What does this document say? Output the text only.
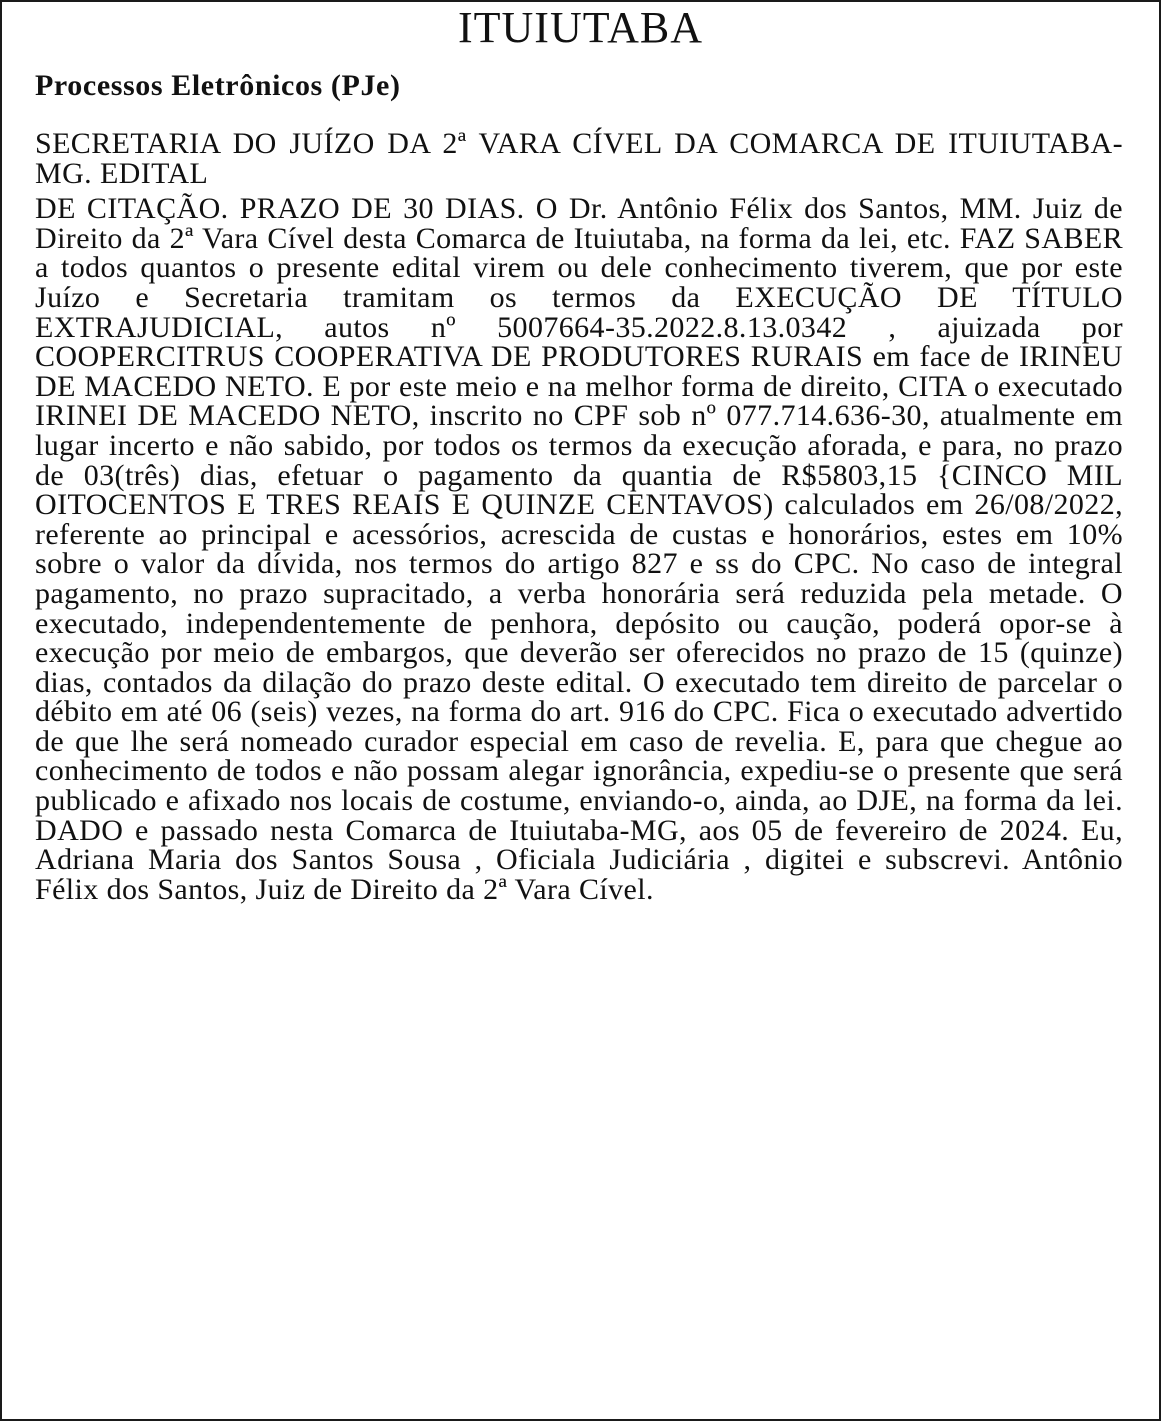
ITUIUTABA
Processos Eletrônicos (PJe)

SECRETARIA DO JUÍZO DA 2ª VARA CÍVEL DA COMARCA DE ITUIUTABA-MG. EDITAL

DE CITAÇÃO. PRAZO DE 30 DIAS. O Dr. Antônio Félix dos Santos, MM. Juiz de Direito da 2ª Vara Cível desta Comarca de Ituiutaba, na forma da lei, etc. FAZ SABER a todos quantos o presente edital virem ou dele conhecimento tiverem, que por este Juízo e Secretaria tramitam os termos da EXECUÇÃO DE TÍTULO EXTRAJUDICIAL, autos nº 5007664-35.2022.8.13.0342 , ajuizada por COOPERCITRUS COOPERATIVA DE PRODUTORES RURAIS em face de IRINEU DE MACEDO NETO. E por este meio e na melhor forma de direito, CITA o executado IRINEI DE MACEDO NETO, inscrito no CPF sob nº 077.714.636-30, atualmente em lugar incerto e não sabido, por todos os termos da execução aforada, e para, no prazo de 03(três) dias, efetuar o pagamento da quantia de R$5803,15 {CINCO MIL OITOCENTOS E TRES REAIS E QUINZE CENTAVOS) calculados em 26/08/2022, referente ao principal e acessórios, acrescida de custas e honorários, estes em 10% sobre o valor da dívida, nos termos do artigo 827 e ss do CPC. No caso de integral pagamento, no prazo supracitado, a verba honorária será reduzida pela metade. O executado, independentemente de penhora, depósito ou caução, poderá opor-se à execução por meio de embargos, que deverão ser oferecidos no prazo de 15 (quinze) dias, contados da dilação do prazo deste edital. O executado tem direito de parcelar o débito em até 06 (seis) vezes, na forma do art. 916 do CPC. Fica o executado advertido de que lhe será nomeado curador especial em caso de revelia. E, para que chegue ao conhecimento de todos e não possam alegar ignorância, expediu-se o presente que será publicado e afixado nos locais de costume, enviando-o, ainda, ao DJE, na forma da lei. DADO e passado nesta Comarca de Ituiutaba-MG, aos 05 de fevereiro de 2024. Eu, Adriana Maria dos Santos Sousa , Oficiala Judiciária , digitei e subscrevi. Antônio Félix dos Santos, Juiz de Direito da 2ª Vara Cível.
